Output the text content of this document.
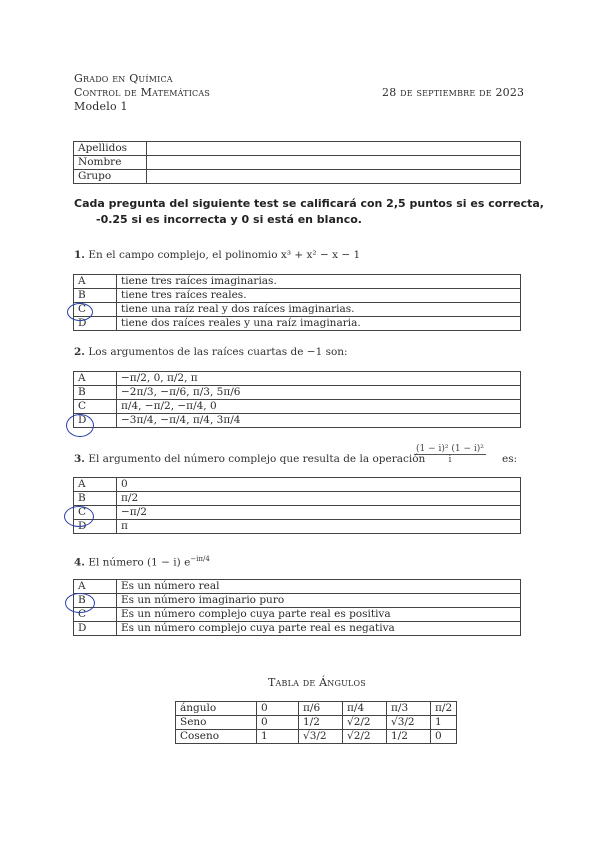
Grado en Química
Control de Matemáticas
Modelo 1
28 de septiembre de 2023
Apellidos	
Nombre	
Grupo	
Cada pregunta del siguiente test se calificará con 2,5 puntos si es correcta,
-0.25 si es incorrecta y 0 si está en blanco.
1. En el campo complejo, el polinomio x³ + x² − x − 1
A	tiene tres raíces imaginarias.
B	tiene tres raíces reales.
C	tiene una raíz real y dos raíces imaginarias.
D	tiene dos raíces reales y una raíz imaginaria.
2. Los argumentos de las raíces cuartas de −1 son:
A	−π/2, 0, π/2, π
B	−2π/3, −π/6, π/3, 5π/6
C	π/4, −π/2, −π/4, 0
D	−3π/4, −π/4, π/4, 3π/4
3. El argumento del número complejo que resulta de la operación
$\frac{\text{(1 − i)² (1 − i)²}}{i}$ es:
A	0
B	π/2
C	−π/2
D	π
4. El número (1 − i) $e^{-i\pi/4}$
A	Es un número real
B	Es un número imaginario puro
C	Es un número complejo cuya parte real es positiva
D	Es un número complejo cuya parte real es negativa
Tabla de Ángulos
ángulo	0	π/6	π/4	π/3	π/2
Seno	0	1/2	√2/2	√3/2	1
Coseno	1	√3/2	√2/2	1/2	0
